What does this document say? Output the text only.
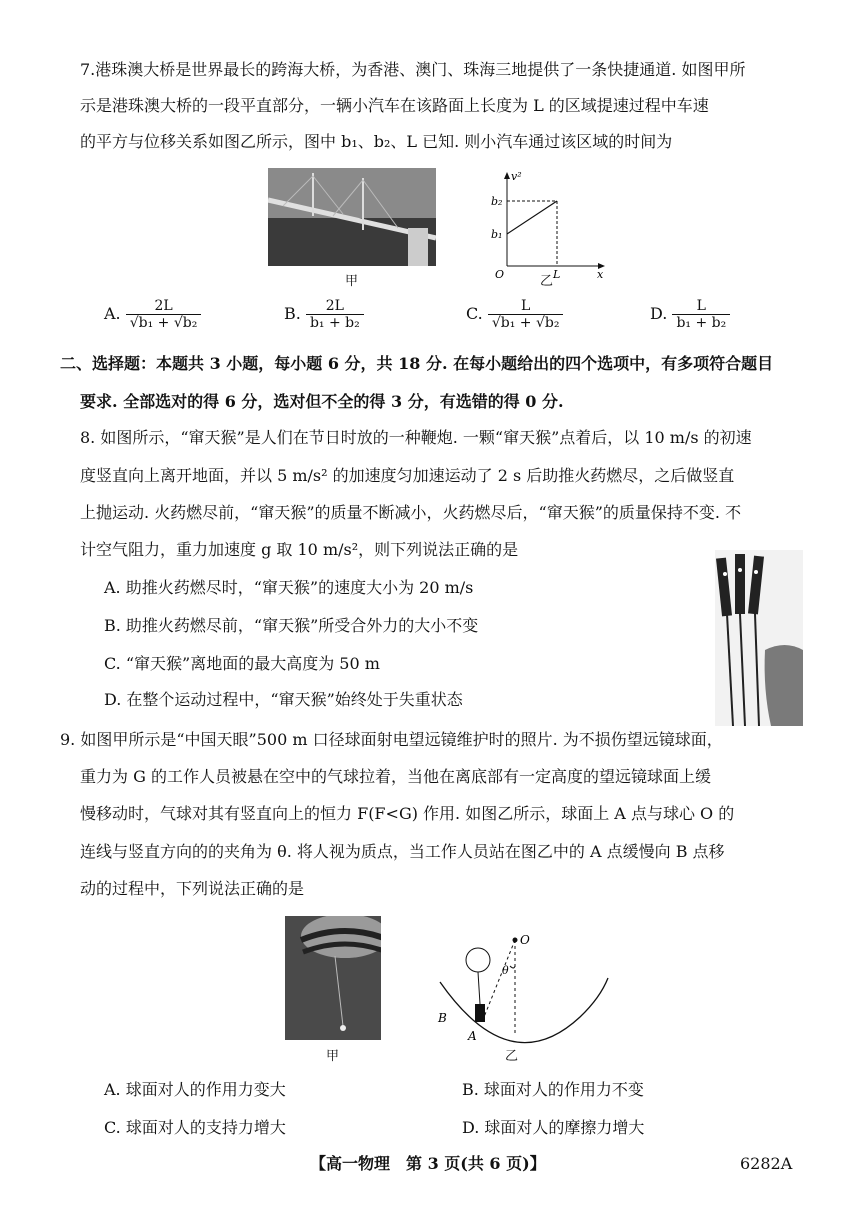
7.港珠澳大桥是世界最长的跨海大桥，为香港、澳门、珠海三地提供了一条快捷通道. 如图甲所
示是港珠澳大桥的一段平直部分，一辆小汽车在该路面上长度为 L 的区域提速过程中车速
的平方与位移关系如图乙所示，图中 b₁、b₂、L 已知. 则小汽车通过该区域的时间为
甲
v²
b₂
b₁
O	L	x
乙
A. $\frac{2L}{\text{√b₁ + √b₂}}$	B. $\frac{2L}{\text{b₁ + b₂}}$	C. $\frac{L}{\text{√b₁ + √b₂}}$	D. $\frac{L}{\text{b₁ + b₂}}$
二、选择题：本题共 3 小题，每小题 6 分，共 18 分. 在每小题给出的四个选项中，有多项符合题目
要求. 全部选对的得 6 分，选对但不全的得 3 分，有选错的得 0 分.
8. 如图所示，“窜天猴”是人们在节日时放的一种鞭炮. 一颗“窜天猴”点着后，以 10 m/s 的初速
度竖直向上离开地面，并以 5 m/s² 的加速度匀加速运动了 2 s 后助推火药燃尽，之后做竖直
上抛运动. 火药燃尽前，“窜天猴”的质量不断减小，火药燃尽后，“窜天猴”的质量保持不变. 不
计空气阻力，重力加速度 g 取 10 m/s²，则下列说法正确的是
A. 助推火药燃尽时，“窜天猴”的速度大小为 20 m/s
B. 助推火药燃尽前，“窜天猴”所受合外力的大小不变
C. “窜天猴”离地面的最大高度为 50 m
D. 在整个运动过程中，“窜天猴”始终处于失重状态
9. 如图甲所示是“中国天眼”500 m 口径球面射电望远镜维护时的照片. 为不损伤望远镜球面，
重力为 G 的工作人员被悬在空中的气球拉着，当他在离底部有一定高度的望远镜球面上缓
慢移动时，气球对其有竖直向上的恒力 F(F<G) 作用. 如图乙所示，球面上 A 点与球心 O 的
连线与竖直方向的的夹角为 θ. 将人视为质点，当工作人员站在图乙中的 A 点缓慢向 B 点移
动的过程中，下列说法正确的是
甲
O
θ
A
B
乙
A. 球面对人的作用力变大	B. 球面对人的作用力不变
C. 球面对人的支持力增大	D. 球面对人的摩擦力增大
【高一物理　第 3 页(共 6 页)】	6282A
